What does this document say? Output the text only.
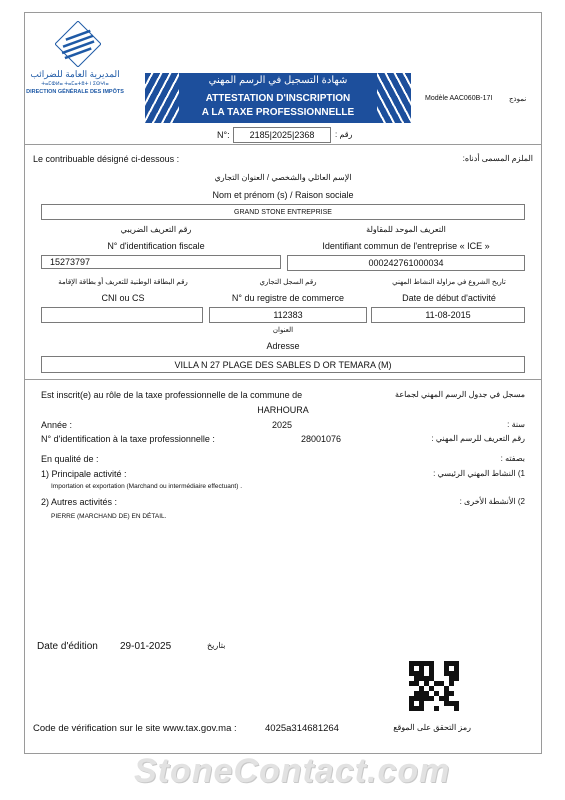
المديرية العامة للضرائب
ⵜⴰⵎⵀⵍⴰ ⵜⴰⵎⴰⵜⵓⵜ ⵏ ⵉⵙⵖⵏⴰ
DIRECTION GÉNÉRALE DES IMPÔTS
شهادة التسجيل في الرسم المهني
ATTESTATION D'INSCRIPTION
A LA TAXE PROFESSIONNELLE
Modèle AAC060B-17I نموذج
N°:	2185|2025|2368	رقم :
Le contribuable désigné ci-dessous :	الملزم المسمى أدناه:
الإسم العائلي والشخصي / العنوان التجاري
Nom et prénom (s) / Raison sociale
GRAND STONE ENTREPRISE
رقم التعريف الضريبي
N° d'identification fiscale
15273797
التعريف الموحد للمقاولة
Identifiant commun de l'entreprise « ICE »
000242761000034
رقم البطاقة الوطنية للتعريف أو بطاقة الإقامة
CNI ou CS
رقم السجل التجاري
N° du registre de commerce
112383
تاريخ الشروع في مزاولة النشاط المهني
Date de début d'activité
11-08-2015
العنوان
Adresse
VILLA N 27 PLAGE DES SABLES D OR TEMARA (M)
Est inscrit(e) au rôle de la taxe professionnelle de la commune de	مسجل في جدول الرسم المهني لجماعة
HARHOURA
Année :	2025	سنة :
N° d'identification à la taxe professionnelle :	28001076	رقم التعريف للرسم المهني :
En qualité de :	بصفته :
1) Principale activité :	1) النشاط المهني الرئيسي :
Importation et exportation (Marchand ou intermédiaire effectuant) .
2) Autres activités :	2) الأنشطة الأخرى :
PIERRE (MARCHAND DE) EN DÉTAIL.
Date d'édition 29-01-2025	بتاريخ
Code de vérification sur le site www.tax.gov.ma :	4025a314681264	رمز التحقق على الموقع
StoneContact.com
